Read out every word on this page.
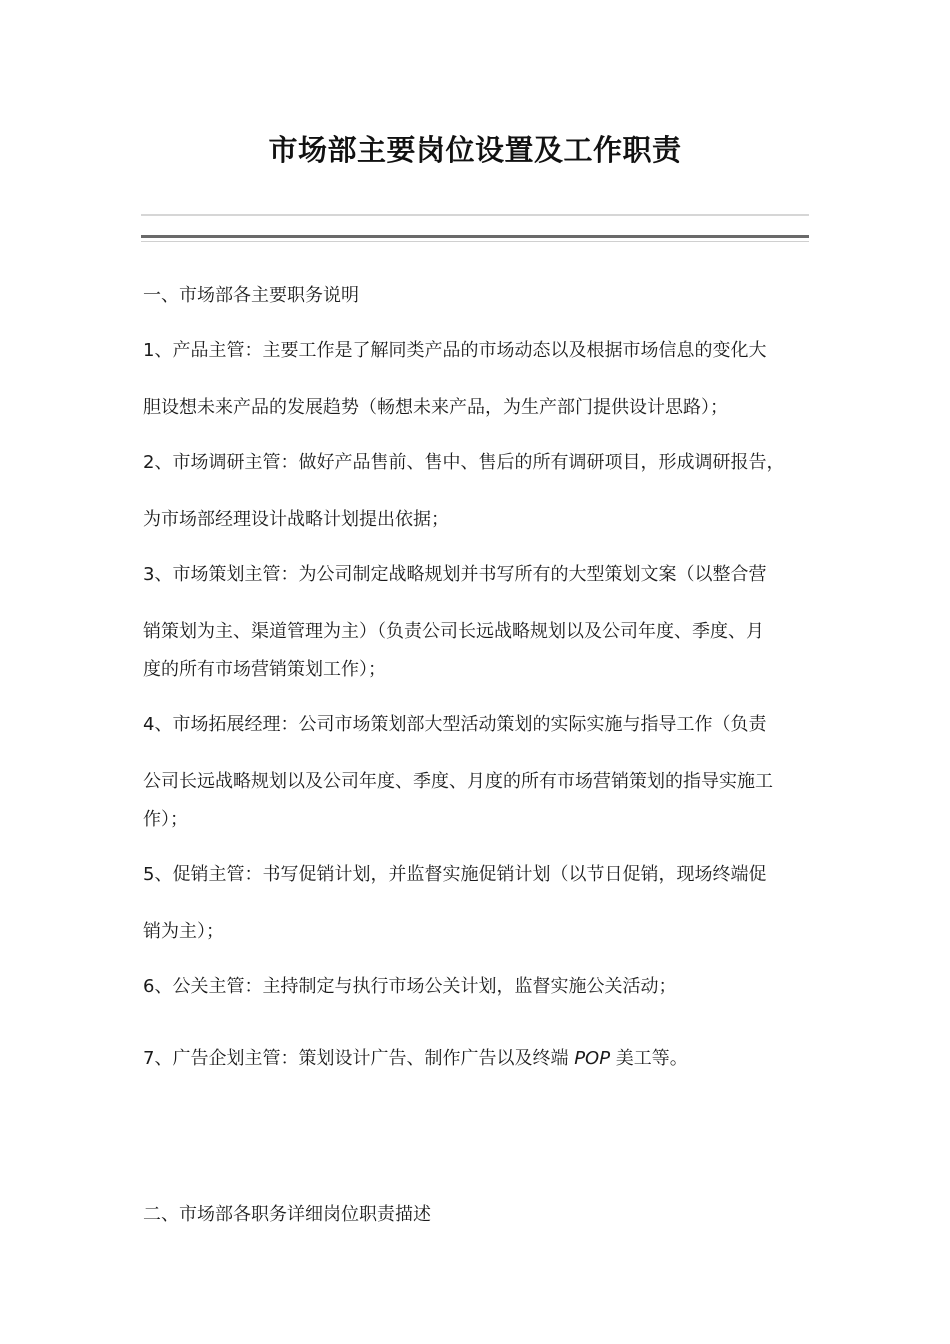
市场部主要岗位设置及工作职责
一、市场部各主要职务说明
1、产品主管：主要工作是了解同类产品的市场动态以及根据市场信息的变化大
胆设想未来产品的发展趋势（畅想未来产品，为生产部门提供设计思路）；
2、市场调研主管：做好产品售前、售中、售后的所有调研项目，形成调研报告，
为市场部经理设计战略计划提出依据；
3、市场策划主管：为公司制定战略规划并书写所有的大型策划文案（以整合营
销策划为主、渠道管理为主）（负责公司长远战略规划以及公司年度、季度、月
度的所有市场营销策划工作）；
4、市场拓展经理：公司市场策划部大型活动策划的实际实施与指导工作（负责
公司长远战略规划以及公司年度、季度、月度的所有市场营销策划的指导实施工
作）；
5、促销主管：书写促销计划，并监督实施促销计划（以节日促销，现场终端促
销为主）；
6、公关主管：主持制定与执行市场公关计划，监督实施公关活动；
7、广告企划主管：策划设计广告、制作广告以及终端 POP 美工等。
二、市场部各职务详细岗位职责描述
